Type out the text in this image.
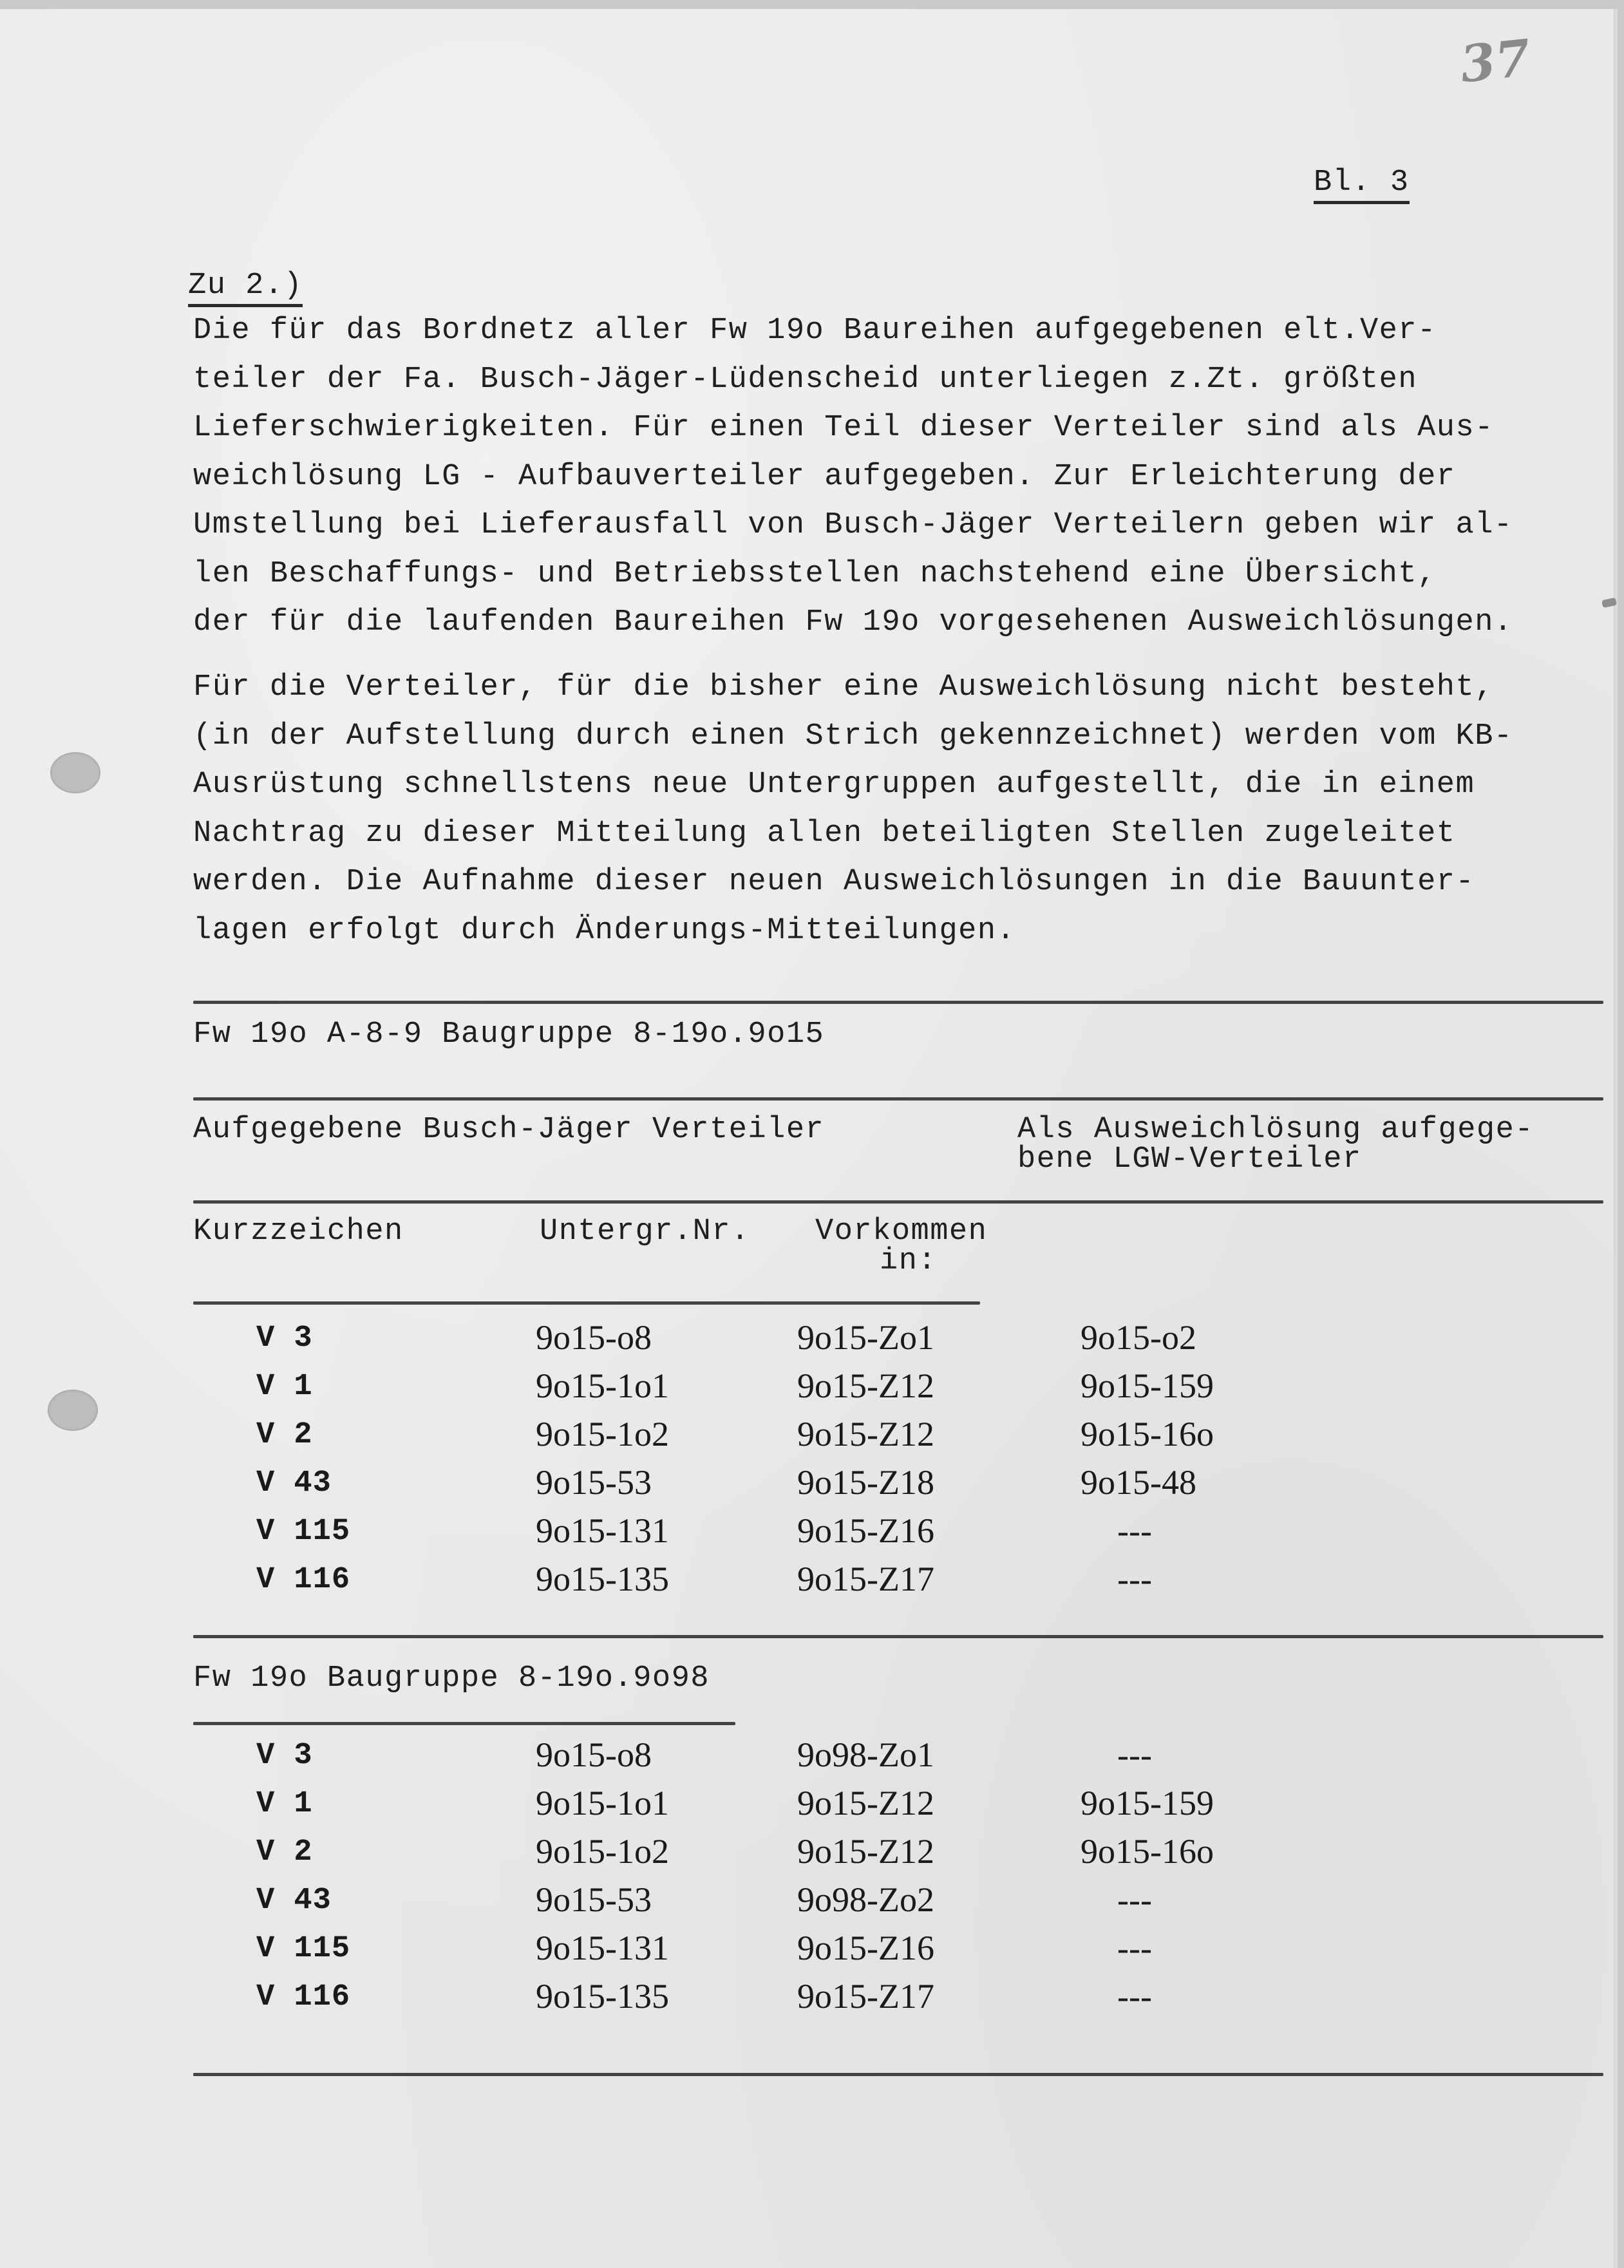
37
Bl. 3
Zu 2.)
Die für das Bordnetz aller Fw 19o Baureihen aufgegebenen elt.Ver-
teiler der Fa. Busch-Jäger-Lüdenscheid unterliegen z.Zt. größten
Lieferschwierigkeiten. Für einen Teil dieser Verteiler sind als Aus-
weichlösung LG - Aufbauverteiler aufgegeben. Zur Erleichterung der
Umstellung bei Lieferausfall von Busch-Jäger Verteilern geben wir al-
len Beschaffungs- und Betriebsstellen nachstehend eine Übersicht,
der für die laufenden Baureihen Fw 19o vorgesehenen Ausweichlösungen.
Für die Verteiler, für die bisher eine Ausweichlösung nicht besteht,
(in der Aufstellung durch einen Strich gekennzeichnet) werden vom KB-
Ausrüstung schnellstens neue Untergruppen aufgestellt, die in einem
Nachtrag zu dieser Mitteilung allen beteiligten Stellen zugeleitet
werden. Die Aufnahme dieser neuen Ausweichlösungen in die Bauunter-
lagen erfolgt durch Änderungs-Mitteilungen.
Fw 19o A-8-9 Baugruppe 8-19o.9o15
Aufgegebene Busch-Jäger Verteiler	Als Ausweichlösung aufgege-
bene LGW-Verteiler
Kurzzeichen	Untergr.Nr. Vorkommen
in:
V 3	9o15-o8	9o15-Zo1	9o15-o2
V 1	9o15-1o1	9o15-Z12	9o15-159
V 2	9o15-1o2	9o15-Z12	9o15-16o
V 43	9o15-53	9o15-Z18	9o15-48
V 115	9o15-131	9o15-Z16	---
V 116	9o15-135	9o15-Z17	---
Fw 19o Baugruppe 8-19o.9o98
V 3	9o15-o8	9o98-Zo1	---
V 1	9o15-1o1	9o15-Z12	9o15-159
V 2	9o15-1o2	9o15-Z12	9o15-16o
V 43	9o15-53	9o98-Zo2	---
V 115	9o15-131	9o15-Z16	---
V 116	9o15-135	9o15-Z17	---
